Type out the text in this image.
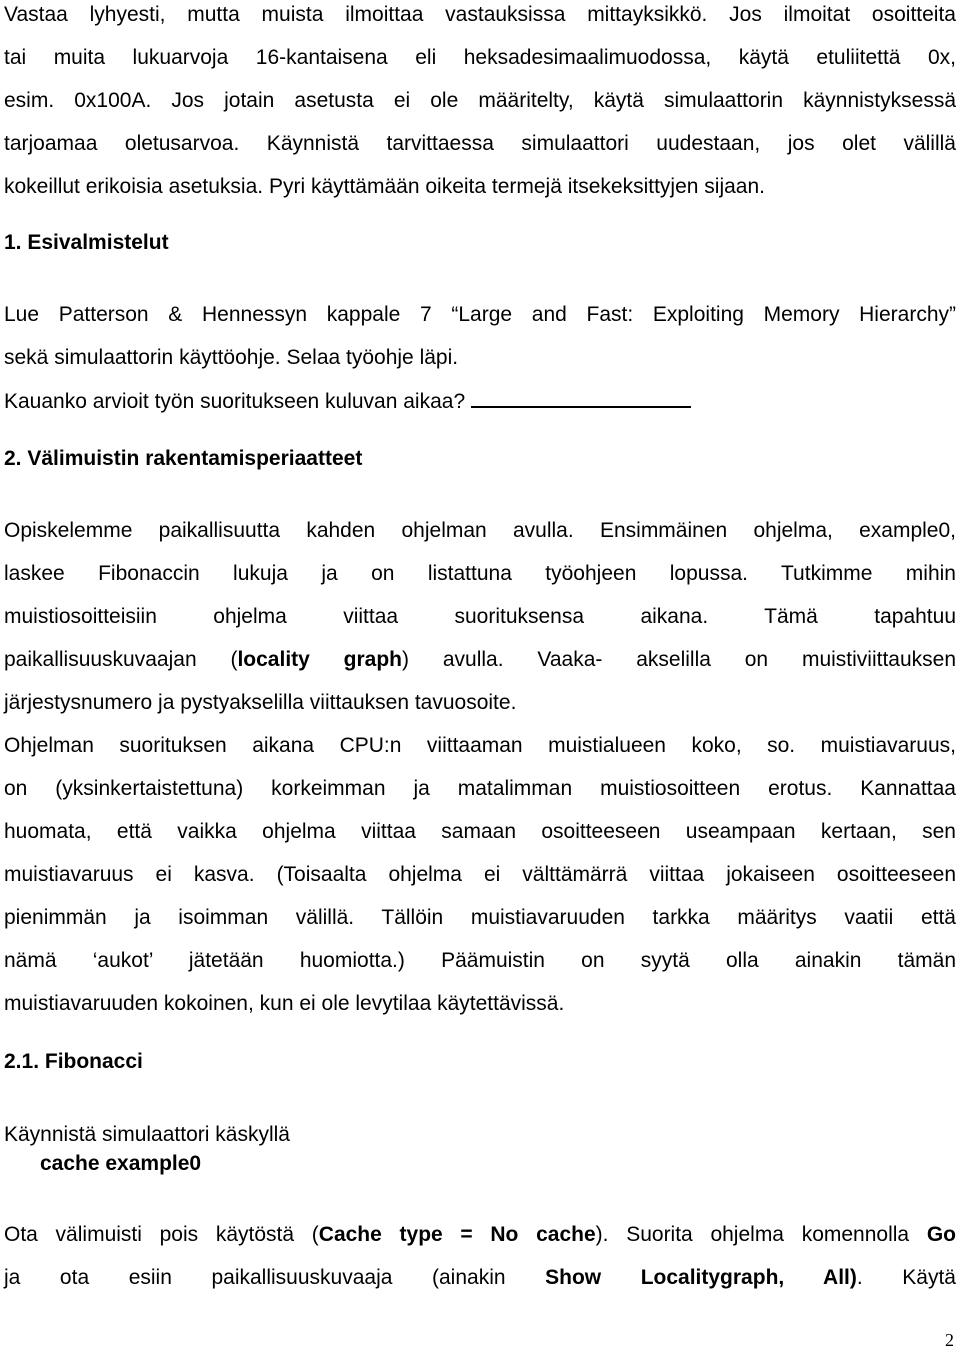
Vastaa lyhyesti, mutta muista ilmoittaa vastauksissa mittayksikkö. Jos ilmoitat osoitteita
tai muita lukuarvoja 16-kantaisena eli heksadesimaalimuodossa, käytä etuliitettä 0x,
esim. 0x100A. Jos jotain asetusta ei ole määritelty, käytä simulaattorin käynnistyksessä
tarjoamaa oletusarvoa. Käynnistä tarvittaessa simulaattori uudestaan, jos olet välillä
kokeillut erikoisia asetuksia. Pyri käyttämään oikeita termejä itsekeksittyjen sijaan.
1. Esivalmistelut
Lue Patterson & Hennessyn kappale 7 “Large and Fast: Exploiting Memory Hierarchy”
sekä simulaattorin käyttöohje. Selaa työohje läpi.
Kauanko arvioit työn suoritukseen kuluvan aikaa?
2. Välimuistin rakentamisperiaatteet
Opiskelemme paikallisuutta kahden ohjelman avulla. Ensimmäinen ohjelma, example0,
laskee Fibonaccin lukuja ja on listattuna työohjeen lopussa. Tutkimme mihin
muistiosoitteisiin ohjelma viittaa suorituksensa aikana. Tämä tapahtuu
paikallisuuskuvaajan (locality graph) avulla. Vaaka- akselilla on muistiviittauksen
järjestysnumero ja pystyakselilla viittauksen tavuosoite.
Ohjelman suorituksen aikana CPU:n viittaaman muistialueen koko, so. muistiavaruus,
on (yksinkertaistettuna) korkeimman ja matalimman muistiosoitteen erotus. Kannattaa
huomata, että vaikka ohjelma viittaa samaan osoitteeseen useampaan kertaan, sen
muistiavaruus ei kasva. (Toisaalta ohjelma ei välttämärrä viittaa jokaiseen osoitteeseen
pienimmän ja isoimman välillä. Tällöin muistiavaruuden tarkka määritys vaatii että
nämä ‘aukot’ jätetään huomiotta.) Päämuistin on syytä olla ainakin tämän
muistiavaruuden kokoinen, kun ei ole levytilaa käytettävissä.
2.1. Fibonacci
Käynnistä simulaattori käskyllä
cache example0
Ota välimuisti pois käytöstä (Cache type = No cache). Suorita ohjelma komennolla Go
ja ota esiin paikallisuuskuvaaja (ainakin Show Localitygraph, All). Käytä
2
